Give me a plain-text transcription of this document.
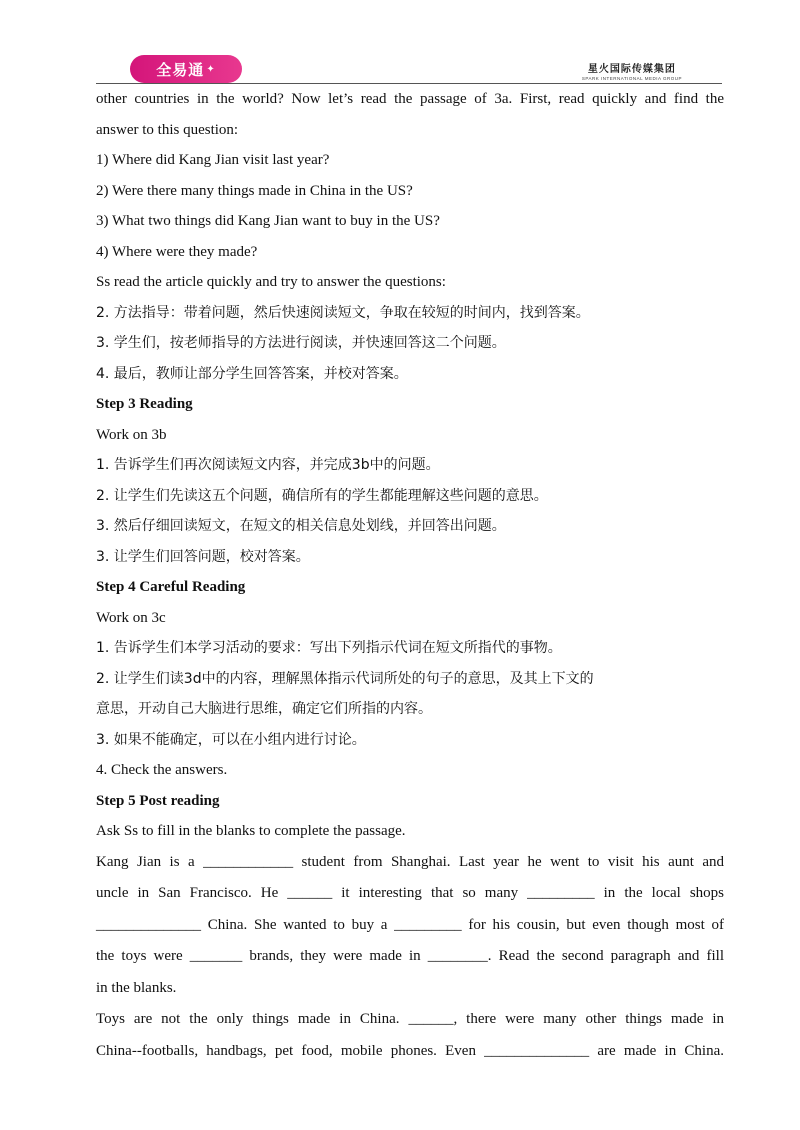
全易通 ✦	星火国际传媒集团
SPARK INTERNATIONAL MEDIA GROUP
other countries in the world? Now let’s read the passage of 3a. First, read quickly and find the
answer to this question:
1) Where did Kang Jian visit last year?
2) Were there many things made in China in the US?
3) What two things did Kang Jian want to buy in the US?
4) Where were they made?
Ss read the article quickly and try to answer the questions:
2. 方法指导：带着问题，然后快速阅读短文，争取在较短的时间内，找到答案。
3. 学生们，按老师指导的方法进行阅读，并快速回答这二个问题。
4. 最后，教师让部分学生回答答案，并校对答案。
Step 3 Reading
Work on 3b
1. 告诉学生们再次阅读短文内容，并完成3b中的问题。
2. 让学生们先读这五个问题，确信所有的学生都能理解这些问题的意思。
3. 然后仔细回读短文，在短文的相关信息处划线，并回答出问题。
3. 让学生们回答问题，校对答案。
Step 4 Careful Reading
Work on 3c
1. 告诉学生们本学习活动的要求：写出下列指示代词在短文所指代的事物。
2. 让学生们读3d中的内容，理解黑体指示代词所处的句子的意思，及其上下文的
意思，开动自己大脑进行思维，确定它们所指的内容。
3. 如果不能确定，可以在小组内进行讨论。
4. Check the answers.
Step 5 Post reading
Ask Ss to fill in the blanks to complete the passage.
Kang Jian is a ____________ student from Shanghai. Last year he went to visit his aunt and
uncle in San Francisco. He ______ it interesting that so many _________ in the local shops
______________ China. She wanted to buy a _________ for his cousin, but even though most of
the toys were _______ brands, they were made in ________. Read the second paragraph and fill
in the blanks.
Toys are not the only things made in China. ______, there were many other things made in
China--footballs, handbags, pet food, mobile phones. Even ______________ are made in China.
